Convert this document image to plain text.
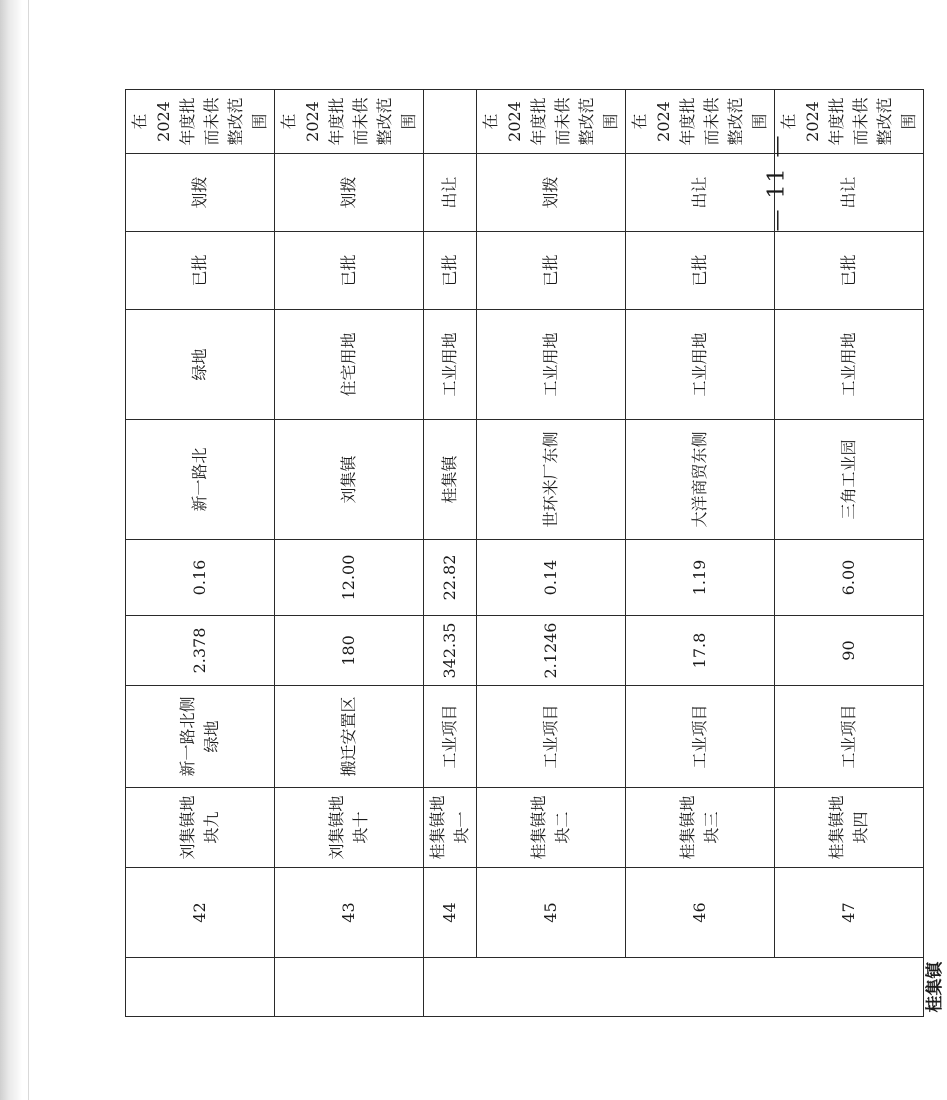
	42	刘集镇地块九	新一路北侧绿地	2.378	0.16	新一路北	绿地	已批	划拨	在2024年度批而未供整改范围
	43	刘集镇地块十	搬迁安置区	180	12.00	刘集镇	住宅用地	已批	划拨	在2024年度批而未供整改范围

桂集镇	44	桂集镇地块一	工业项目	342.35	22.82	桂集镇	工业用地	已批	出让	
	45	桂集镇地块二	工业项目	2.1246	0.14	世环米厂东侧	工业用地	已批	划拨	在2024年度批而未供整改范围
	46	桂集镇地块三	工业项目	17.8	1.19	大洋商贸东侧	工业用地	已批	出让	在2024年度批而未供整改范围
	47	桂集镇地块四	工业项目	90	6.00	三角工业园	工业用地	已批	出让	在2024年度批而未供整改范围
— 11 —
